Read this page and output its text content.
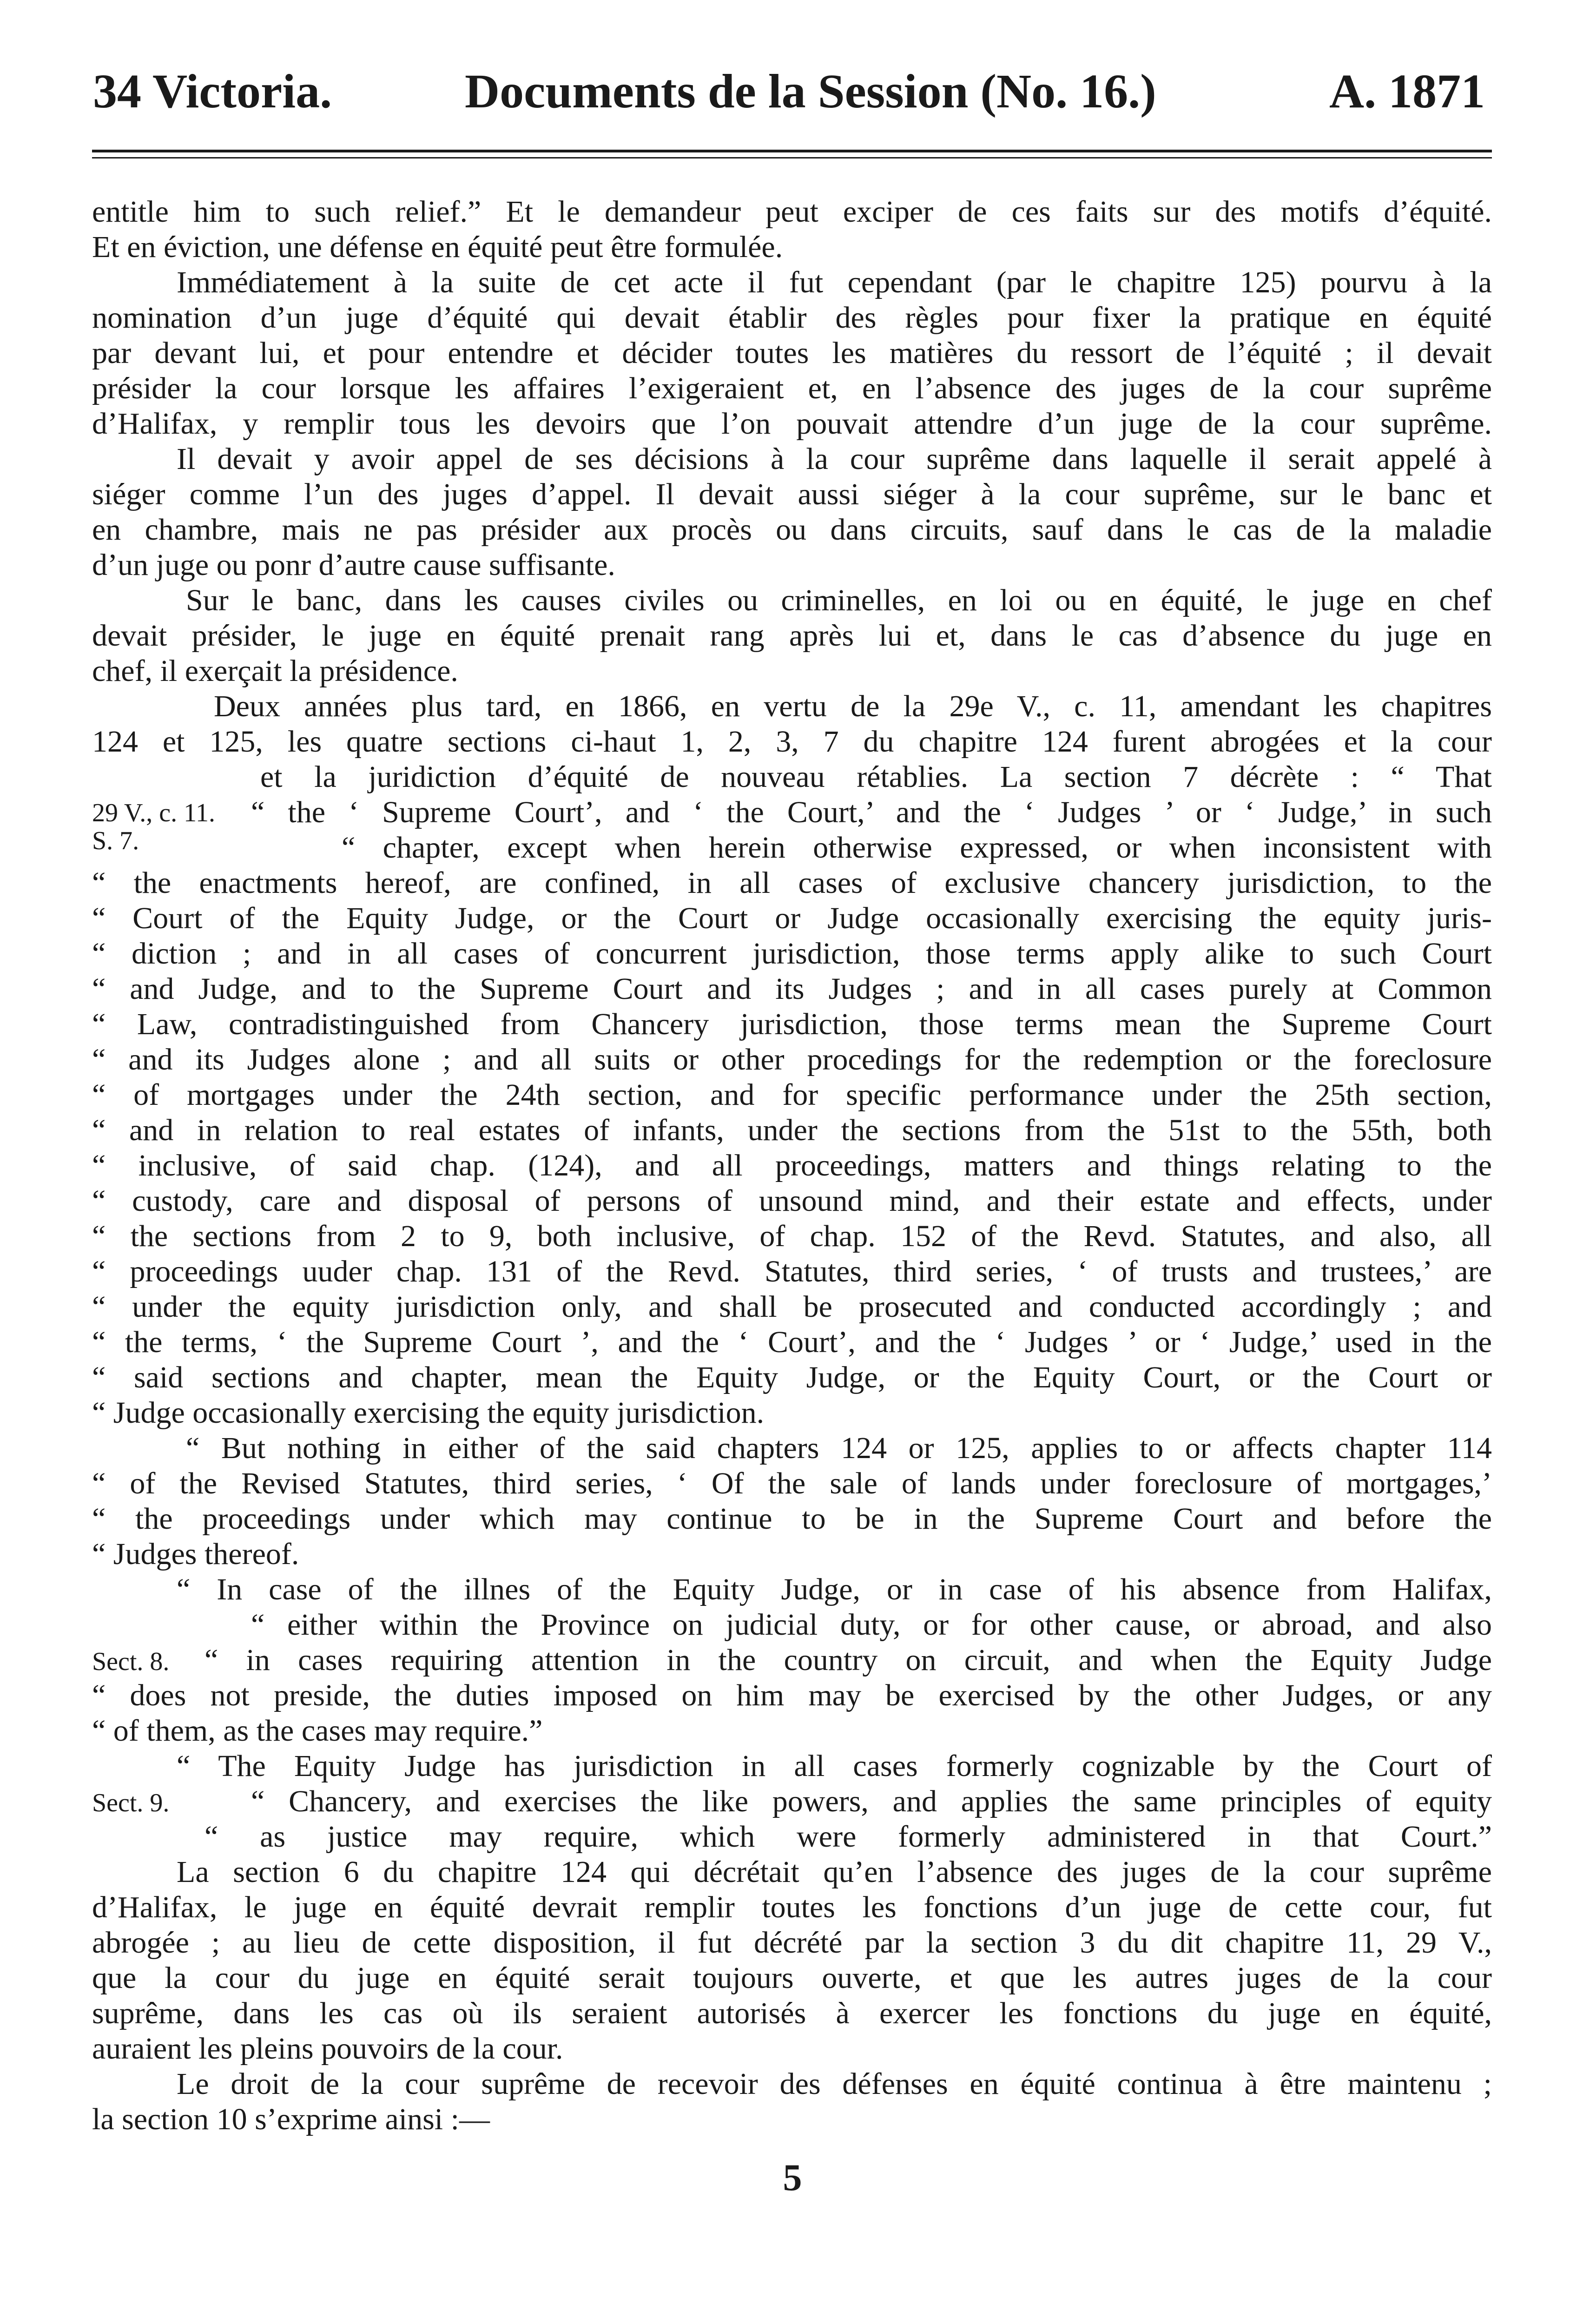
34 Victoria.	Documents de la Session (No. 16.)	A. 1871
entitle him to such relief.” Et le demandeur peut exciper de ces faits sur des motifs d’équité.
Et en éviction, une défense en équité peut être formulée.
Immédiatement à la suite de cet acte il fut cependant (par le chapitre 125) pourvu à la
nomination d’un juge d’équité qui devait établir des règles pour fixer la pratique en équité
par devant lui, et pour entendre et décider toutes les matières du ressort de l’équité ; il devait
présider la cour lorsque les affaires l’exigeraient et, en l’absence des juges de la cour suprême
d’Halifax, y remplir tous les devoirs que l’on pouvait attendre d’un juge de la cour suprême.
Il devait y avoir appel de ses décisions à la cour suprême dans laquelle il serait appelé à
siéger comme l’un des juges d’appel. Il devait aussi siéger à la cour suprême, sur le banc et
en chambre, mais ne pas présider aux procès ou dans circuits, sauf dans le cas de la maladie
d’un juge ou ponr d’autre cause suffisante.
Sur le banc, dans les causes civiles ou criminelles, en loi ou en équité, le juge en chef
devait présider, le juge en équité prenait rang après lui et, dans le cas d’absence du juge en
chef, il exerçait la présidence.
Deux années plus tard, en 1866, en vertu de la 29e V., c. 11, amendant les chapitres
124 et 125, les quatre sections ci-haut 1, 2, 3, 7 du chapitre 124 furent abrogées et la cour
et la juridiction d’équité de nouveau rétablies. La section 7 décrète : “ That
“ the ‘ Supreme Court’, and ‘ the Court,’ and the ‘ Judges ’ or ‘ Judge,’ in such
“ chapter, except when herein otherwise expressed, or when inconsistent with
“ the enactments hereof, are confined, in all cases of exclusive chancery jurisdiction, to the
“ Court of the Equity Judge, or the Court or Judge occasionally exercising the equity juris-
“ diction ; and in all cases of concurrent jurisdiction, those terms apply alike to such Court
“ and Judge, and to the Supreme Court and its Judges ; and in all cases purely at Common
“ Law, contradistinguished from Chancery jurisdiction, those terms mean the Supreme Court
“ and its Judges alone ; and all suits or other procedings for the redemption or the foreclosure
“ of mortgages under the 24th section, and for specific performance under the 25th section,
“ and in relation to real estates of infants, under the sections from the 51st to the 55th, both
“ inclusive, of said chap. (124), and all proceedings, matters and things relating to the
“ custody, care and disposal of persons of unsound mind, and their estate and effects, under
“ the sections from 2 to 9, both inclusive, of chap. 152 of the Revd. Statutes, and also, all
“ proceedings uuder chap. 131 of the Revd. Statutes, third series, ‘ of trusts and trustees,’ are
“ under the equity jurisdiction only, and shall be prosecuted and conducted accordingly ; and
“ the terms, ‘ the Supreme Court ’, and the ‘ Court’, and the ‘ Judges ’ or ‘ Judge,’ used in the
“ said sections and chapter, mean the Equity Judge, or the Equity Court, or the Court or
“ Judge occasionally exercising the equity jurisdiction.
“ But nothing in either of the said chapters 124 or 125, applies to or affects chapter 114
“ of the Revised Statutes, third series, ‘ Of the sale of lands under foreclosure of mortgages,’
“ the proceedings under which may continue to be in the Supreme Court and before the
“ Judges thereof.
“ In case of the illnes of the Equity Judge, or in case of his absence from Halifax,
“ either within the Province on judicial duty, or for other cause, or abroad, and also
“ in cases requiring attention in the country on circuit, and when the Equity Judge
“ does not preside, the duties imposed on him may be exercised by the other Judges, or any
“ of them, as the cases may require.”
“ The Equity Judge has jurisdiction in all cases formerly cognizable by the Court of
“ Chancery, and exercises the like powers, and applies the same principles of equity
“ as justice may require, which were formerly administered in that Court.”
La section 6 du chapitre 124 qui décrétait qu’en l’absence des juges de la cour suprême
d’Halifax, le juge en équité devrait remplir toutes les fonctions d’un juge de cette cour, fut
abrogée ; au lieu de cette disposition, il fut décrété par la section 3 du dit chapitre 11, 29 V.,
que la cour du juge en équité serait toujours ouverte, et que les autres juges de la cour
suprême, dans les cas où ils seraient autorisés à exercer les fonctions du juge en équité,
auraient les pleins pouvoirs de la cour.
Le droit de la cour suprême de recevoir des défenses en équité continua à être maintenu ;
la section 10 s’exprime ainsi :—
29 V., c. 11.
S. 7.
Sect. 8.
5
Sect. 9.
